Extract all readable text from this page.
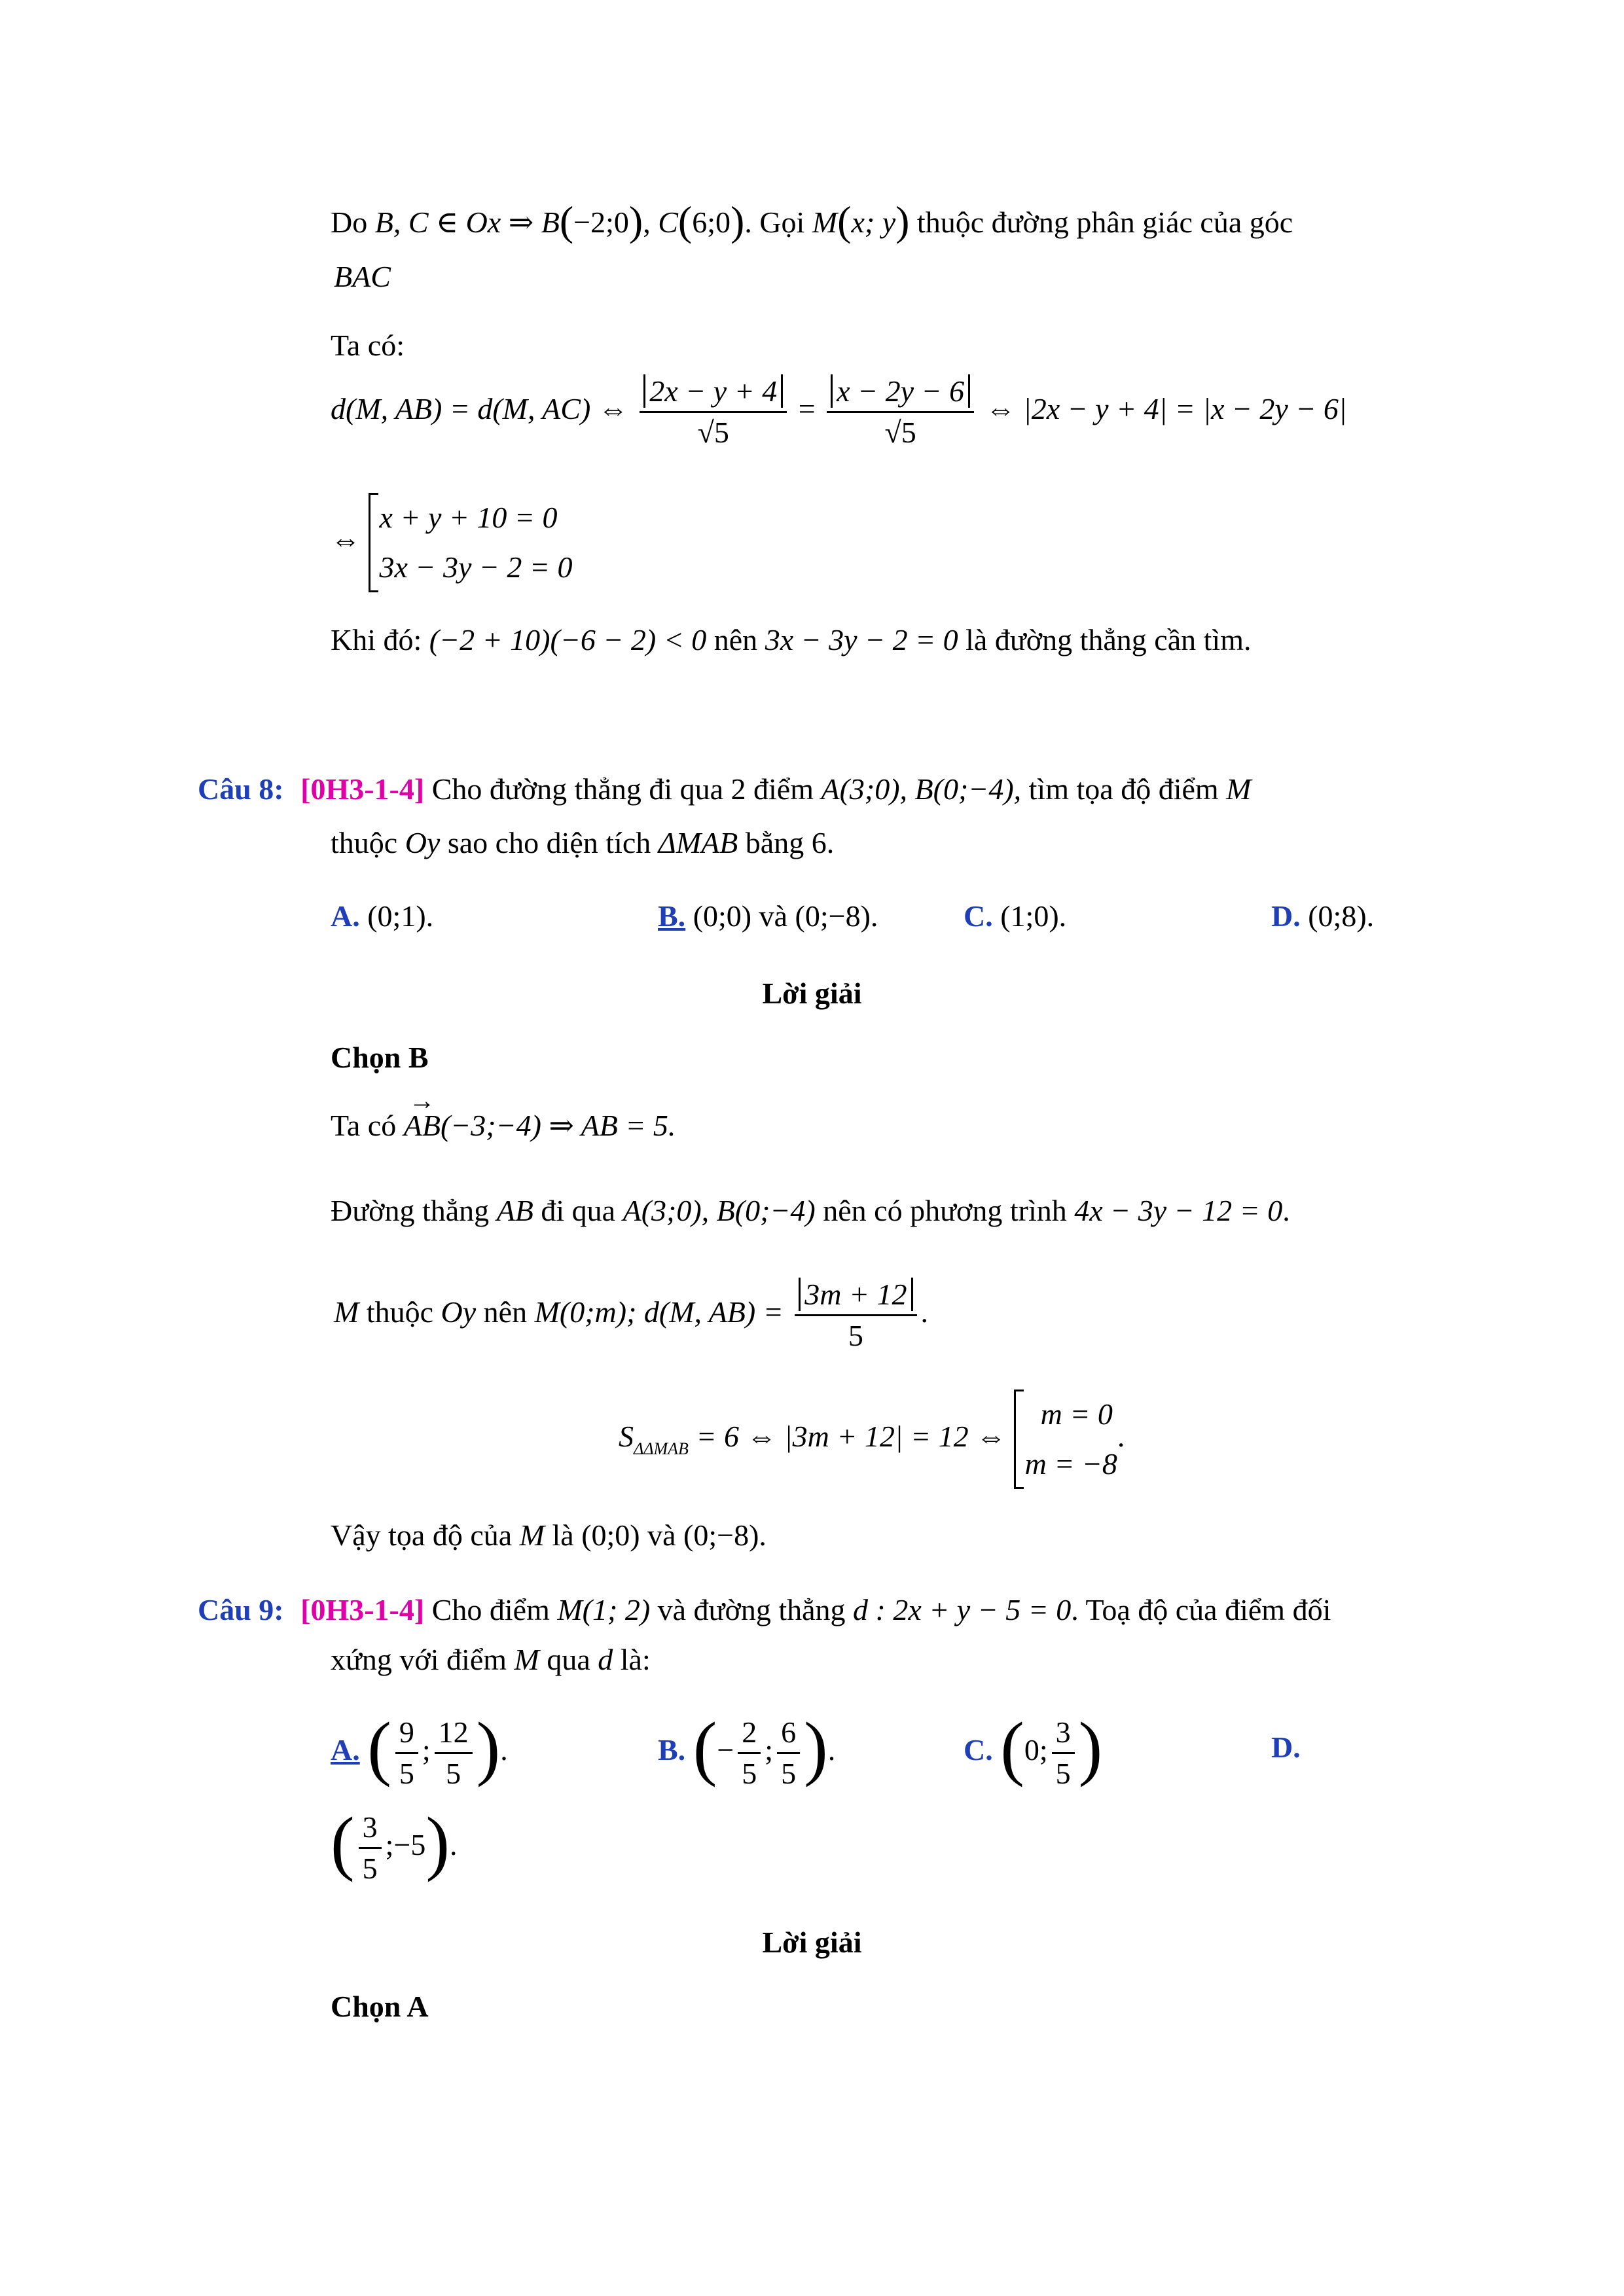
Do B, C ∈ Ox ⇒ B(−2;0), C(6;0). Gọi M(x; y) thuộc đường phân giác của góc
BAC
Ta có:
d(M, AB) = d(M, AC) ⇔ $\frac{2x - y + 4}{√5} = \frac{x - 2y - 6}{√5}$ ⇔ |2x − y + 4| = |x − 2y − 6|
⇔
x + y + 10 = 0
3x − 3y − 2 = 0
Khi đó: (−2 + 10)(−6 − 2) < 0 nên 3x − 3y − 2 = 0 là đường thẳng cần tìm.
Câu 8: [0H3-1-4] Cho đường thẳng đi qua 2 điểm A(3;0), B(0;−4), tìm tọa độ điểm M
thuộc Oy sao cho diện tích ΔMAB bằng 6.
A. (0;1).	B. (0;0) và (0;−8).	C. (1;0).	D. (0;8).
Lời giải
Chọn B
Ta có AB →(−3;−4) ⇒ AB = 5.
Đường thẳng AB đi qua A(3;0), B(0;−4) nên có phương trình 4x − 3y − 12 = 0.
M thuộc Oy nên M(0;m); d(M, $AB) = \frac{3m + 12}{5}$ .
$S_{\Delta\Delta MAB} = 6$ ⇔ |3m + 12| = 12 ⇔
m = 0
m = −8
.
Vậy tọa độ của M là (0;0) và (0;−8).
Câu 9: [0H3-1-4] Cho điểm M(1; 2) và đường thẳng d : 2x + y − 5 = 0. Toạ độ của điểm đối
xứng với điểm M qua d là:
A. ( $\frac{9}{5}$ ; $\frac{12}{5}$ ).	B. (− $\frac{2}{5}$ ; $\frac{6}{5}$ ).	C. (0; $\frac{3}{5}$ )	D.
( $\frac{3}{5}$ ;−5).
Lời giải
Chọn A
